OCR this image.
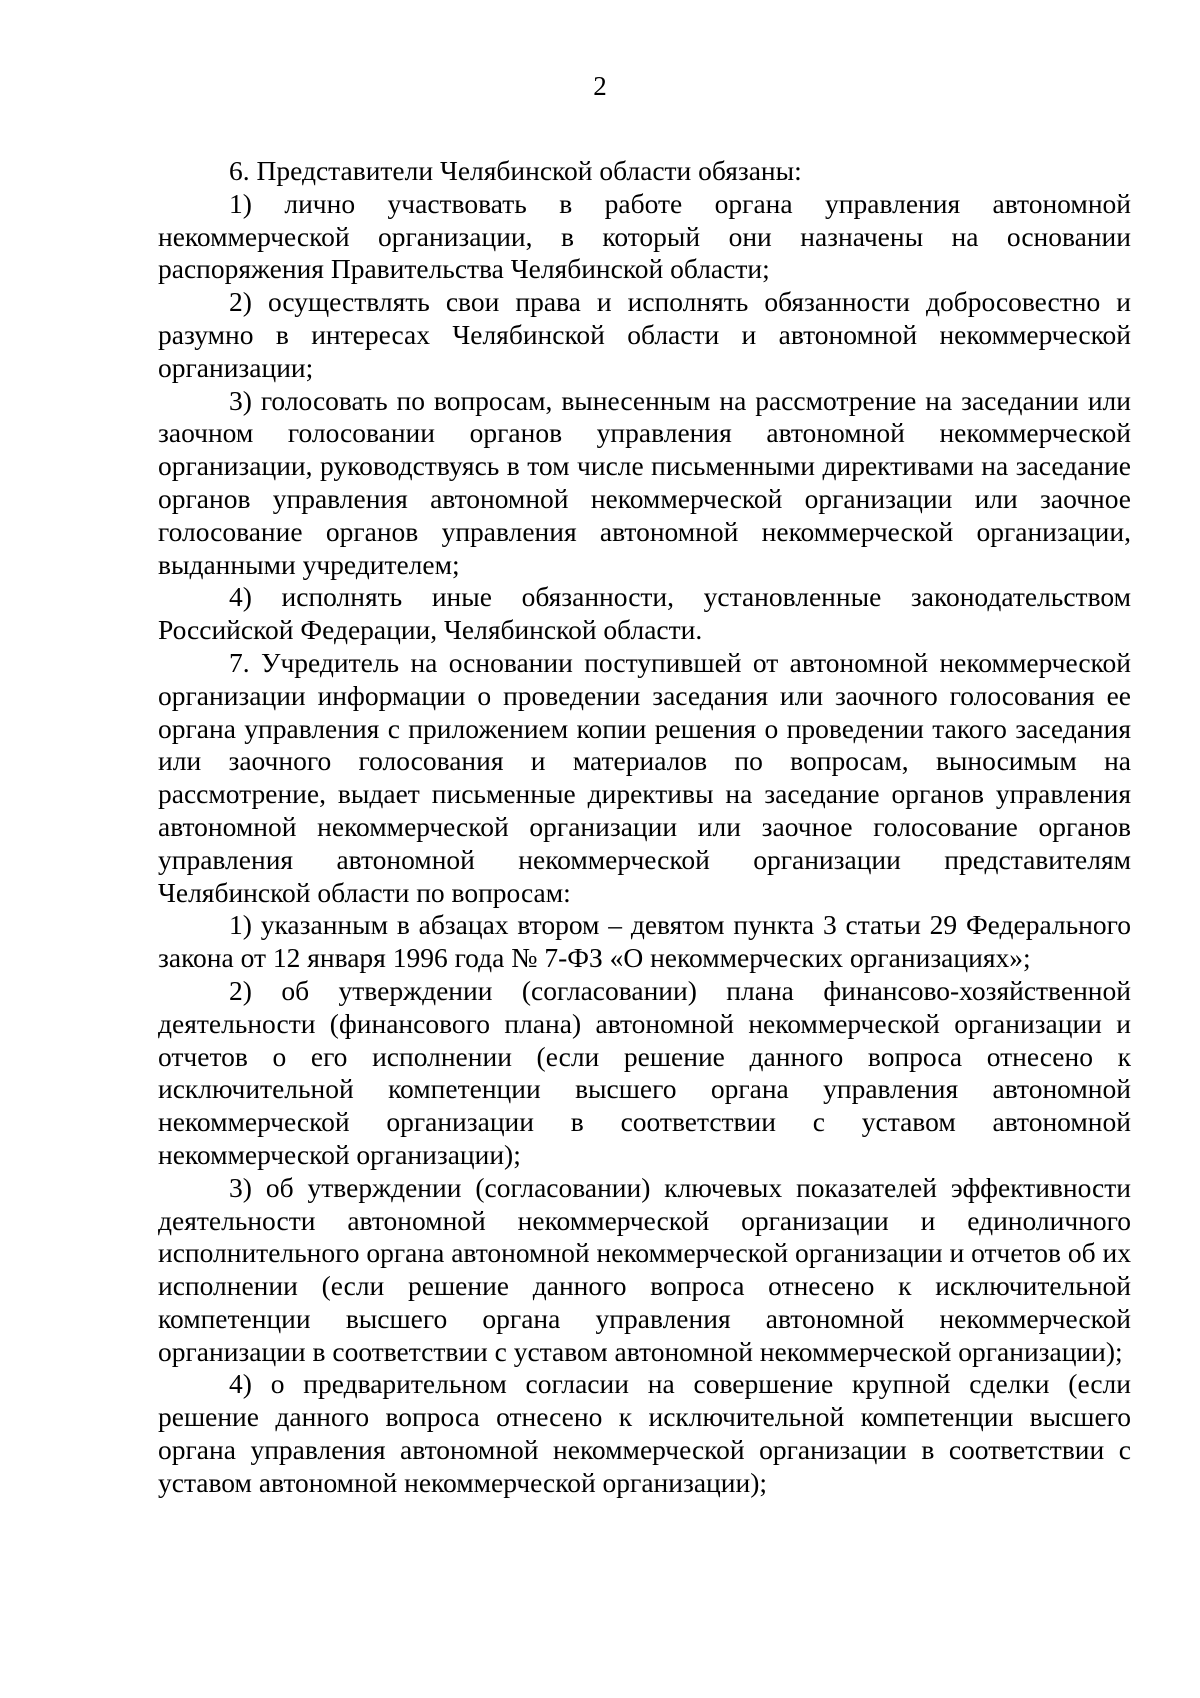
2

6. Представители Челябинской области обязаны:

1) лично участвовать в работе органа управления автономной некоммерческой организации, в который они назначены на основании распоряжения Правительства Челябинской области;

2) осуществлять свои права и исполнять обязанности добросовестно и разумно в интересах Челябинской области и автономной некоммерческой организации;

3) голосовать по вопросам, вынесенным на рассмотрение на заседании или заочном голосовании органов управления автономной некоммерческой организации, руководствуясь в том числе письменными директивами на заседание органов управления автономной некоммерческой организации или заочное голосование органов управления автономной некоммерческой организации, выданными учредителем;

4) исполнять иные обязанности, установленные законодательством Российской Федерации, Челябинской области.

7. Учредитель на основании поступившей от автономной некоммерческой организации информации о проведении заседания или заочного голосования ее органа управления с приложением копии решения о проведении такого заседания или заочного голосования и материалов по вопросам, выносимым на рассмотрение, выдает письменные директивы на заседание органов управления автономной некоммерческой организации или заочное голосование органов управления автономной некоммерческой организации представителям Челябинской области по вопросам:

1) указанным в абзацах втором – девятом пункта 3 статьи 29 Федерального закона от 12 января 1996 года № 7-ФЗ «О некоммерческих организациях»;

2) об утверждении (согласовании) плана финансово-хозяйственной деятельности (финансового плана) автономной некоммерческой организации и отчетов о его исполнении (если решение данного вопроса отнесено к исключительной компетенции высшего органа управления автономной некоммерческой организации в соответствии с уставом автономной некоммерческой организации);

3) об утверждении (согласовании) ключевых показателей эффективности деятельности автономной некоммерческой организации и единоличного исполнительного органа автономной некоммерческой организации и отчетов об их исполнении (если решение данного вопроса отнесено к исключительной компетенции высшего органа управления автономной некоммерческой организации в соответствии с уставом автономной некоммерческой организации);

4) о предварительном согласии на совершение крупной сделки (если решение данного вопроса отнесено к исключительной компетенции высшего органа управления автономной некоммерческой организации в соответствии с уставом автономной некоммерческой организации);
